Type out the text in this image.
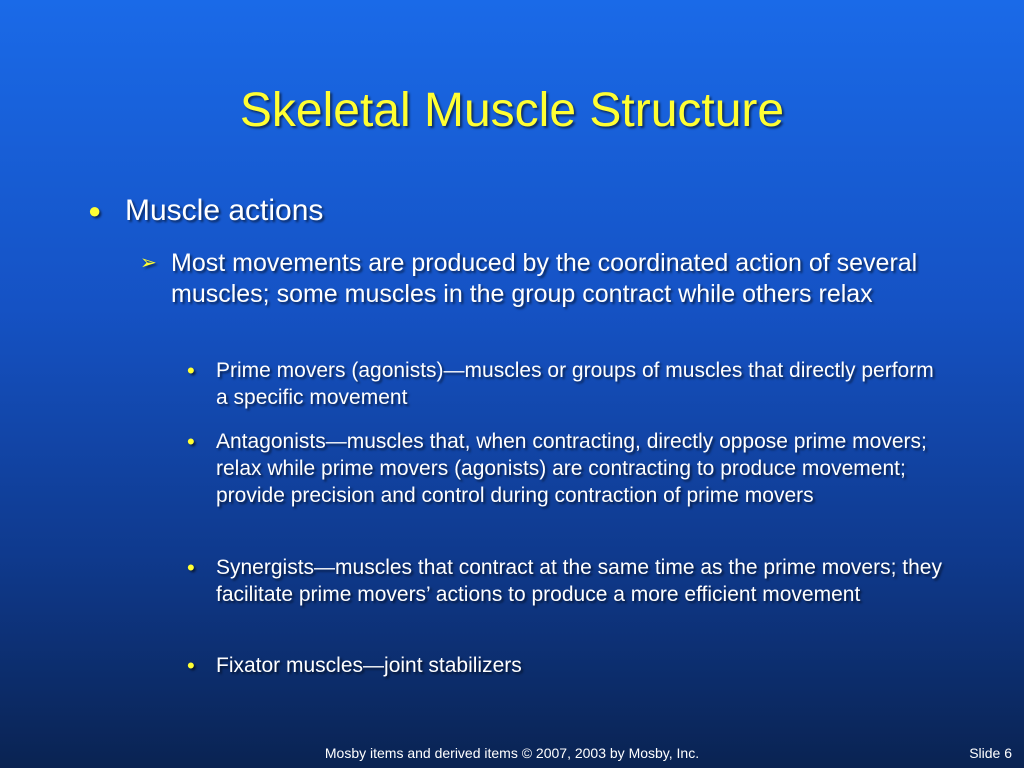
Skeletal Muscle Structure
● Muscle actions
➢ Most movements are produced by the coordinated action of several muscles; some muscles in the group contract while others relax
•	Prime movers (agonists)—muscles or groups of muscles that directly perform a specific movement
•	Antagonists—muscles that, when contracting, directly oppose prime movers; relax while prime movers (agonists) are contracting to produce movement; provide precision and control during contraction of prime movers
•	Synergists—muscles that contract at the same time as the prime movers; they facilitate prime movers’ actions to produce a more efficient movement
•	Fixator muscles—joint stabilizers
Mosby items and derived items © 2007, 2003 by Mosby, Inc.	Slide 6
